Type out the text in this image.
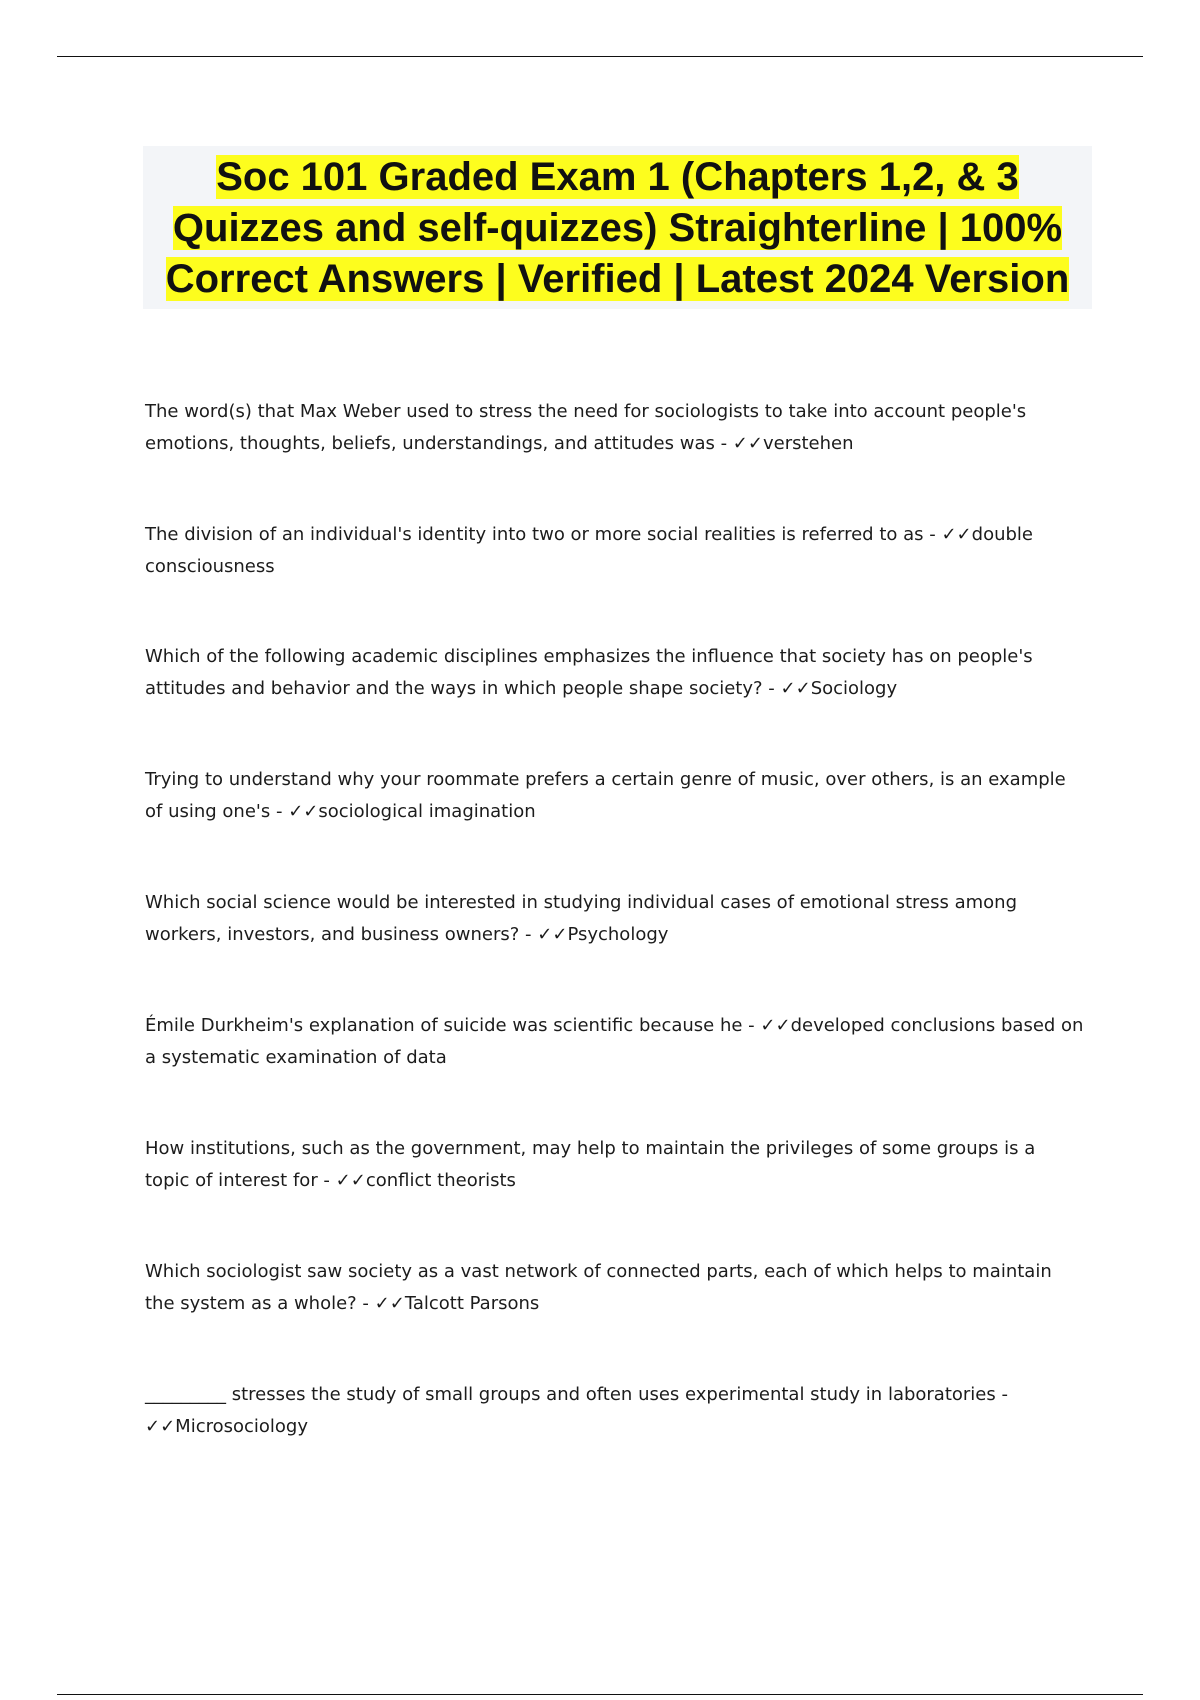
Soc 101 Graded Exam 1 (Chapters 1,2, & 3 Quizzes and self-quizzes) Straighterline | 100% Correct Answers | Verified | Latest 2024 Version

The word(s) that Max Weber used to stress the need for sociologists to take into account people's emotions, thoughts, beliefs, understandings, and attitudes was - ✓✓verstehen

The division of an individual's identity into two or more social realities is referred to as - ✓✓double consciousness

Which of the following academic disciplines emphasizes the influence that society has on people's attitudes and behavior and the ways in which people shape society? - ✓✓Sociology

Trying to understand why your roommate prefers a certain genre of music, over others, is an example of using one's - ✓✓sociological imagination

Which social science would be interested in studying individual cases of emotional stress among workers, investors, and business owners? - ✓✓Psychology

Émile Durkheim's explanation of suicide was scientific because he - ✓✓developed conclusions based on a systematic examination of data

How institutions, such as the government, may help to maintain the privileges of some groups is a topic of interest for - ✓✓conflict theorists

Which sociologist saw society as a vast network of connected parts, each of which helps to maintain the system as a whole? - ✓✓Talcott Parsons

_________ stresses the study of small groups and often uses experimental study in laboratories - ✓✓Microsociology
